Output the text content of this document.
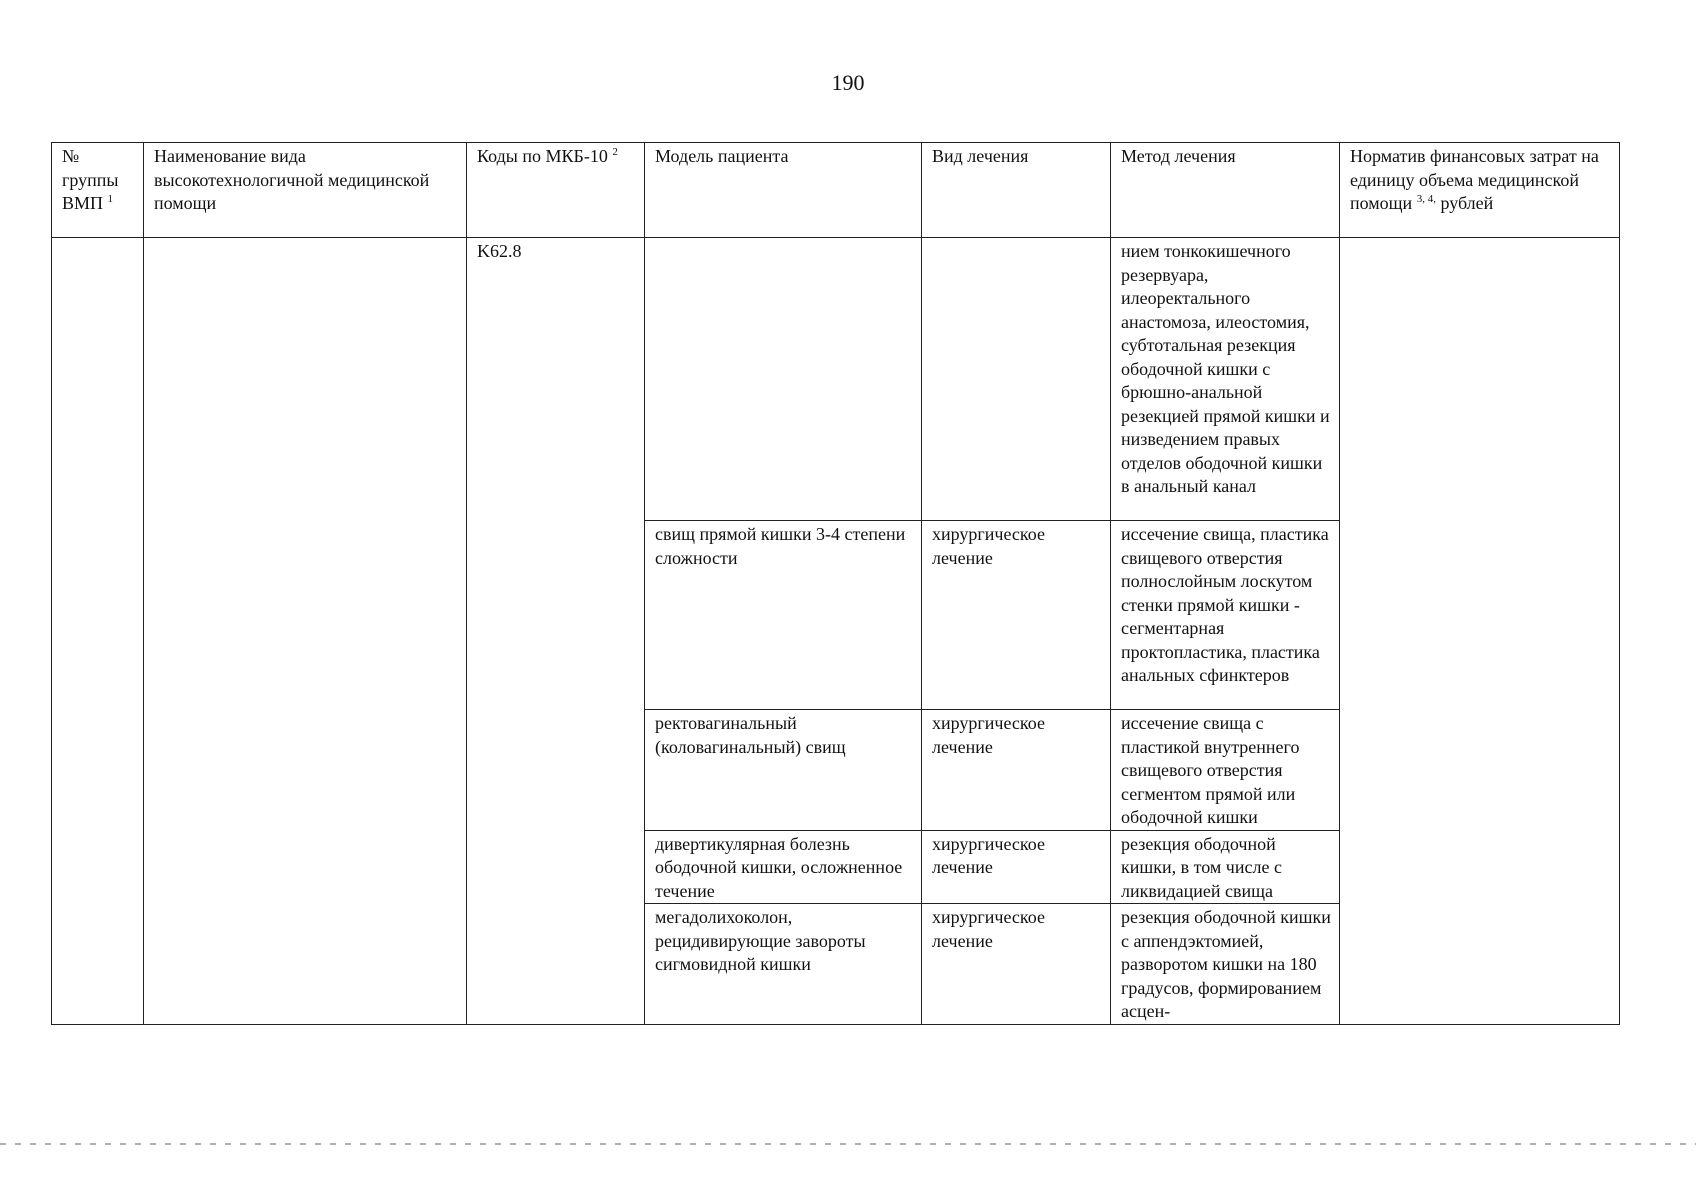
190
№ группы ВМП $^1$	Наименование вида высокотехнологичной медицинской помощи	Коды по МКБ-10 $^2$	Модель пациента	Вид лечения	Метод лечения	Норматив финансовых затрат на единицу объема медицинской помощи $^{3, 4,}$ рублей
		K62.8			нием тонкокишечного резервуара, илеоректального анастомоза, илеостомия, субтотальная резекция ободочной кишки с брюшно-анальной резекцией прямой кишки и низведением правых отделов ободочной кишки в анальный канал	
			свищ прямой кишки 3-4 степени сложности	хирургическое лечение	иссечение свища, пластика свищевого отверстия полнослойным лоскутом стенки прямой кишки - сегментарная проктопластика, пластика анальных сфинктеров	
			ректовагинальный (коловагинальный) свищ	хирургическое лечение	иссечение свища с пластикой внутреннего свищевого отверстия сегментом прямой или ободочной кишки	
			дивертикулярная болезнь ободочной кишки, осложненное течение	хирургическое лечение	резекция ободочной кишки, в том числе с ликвидацией свища	
			мегадолихоколон, рецидивирующие завороты сигмовидной кишки	хирургическое лечение	резекция ободочной кишки с аппендэктомией, разворотом кишки на 180 градусов, формированием асцен-	
